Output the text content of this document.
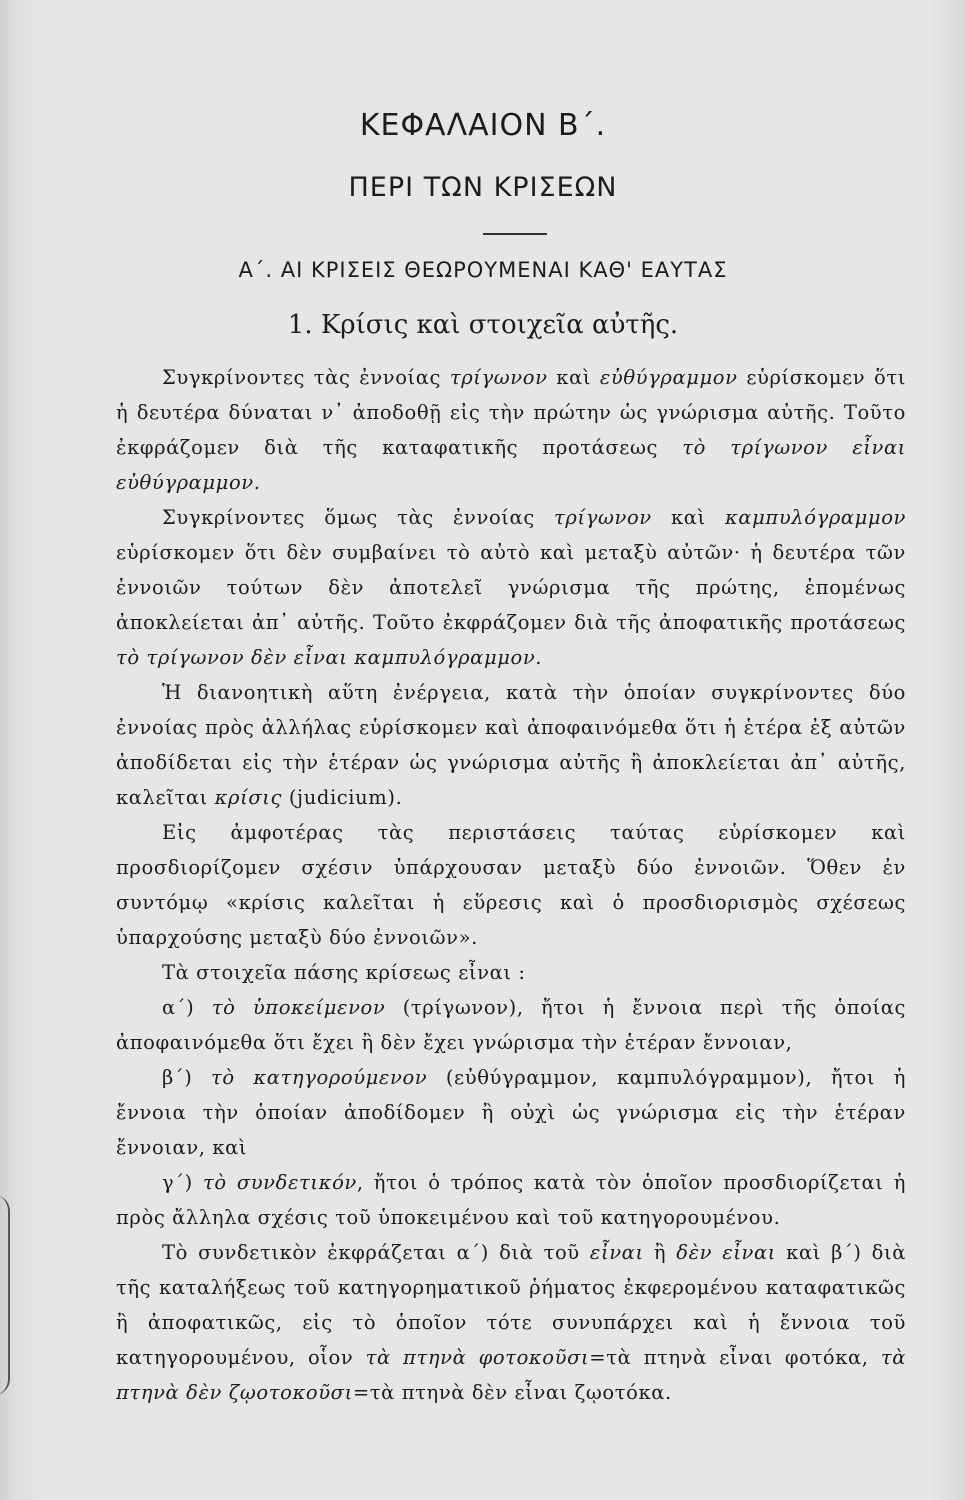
ΚΕΦΑΛΑΙΟΝ Β΄.
ΠΕΡΙ ΤΩΝ ΚΡΙΣΕΩΝ
Α΄. ΑΙ ΚΡΙΣΕΙΣ ΘΕΩΡΟΥΜΕΝΑΙ ΚΑΘ' ΕΑΥΤΑΣ
1. Κρίσις καὶ στοιχεῖα αὐτῆς.

Συγκρίνοντες τὰς ἐννοίας τρίγωνον καὶ εὐθύγραμμον εὑρίσκομεν ὅτι ἡ δευτέρα δύναται ν᾽ ἀποδοθῇ εἰς τὴν πρώτην ὡς γνώρισμα αὐτῆς. Τοῦτο ἐκφράζομεν διὰ τῆς καταφατικῆς προτάσεως τὸ τρίγωνον εἶναι εὐθύγραμμον.

Συγκρίνοντες ὅμως τὰς ἐννοίας τρίγωνον καὶ καμπυλόγραμμον εὑρίσκομεν ὅτι δὲν συμβαίνει τὸ αὐτὸ καὶ μεταξὺ αὐτῶν· ἡ δευτέρα τῶν ἐννοιῶν τούτων δὲν ἀποτελεῖ γνώρισμα τῆς πρώτης, ἑπομένως ἀποκλείεται ἀπ᾽ αὐτῆς. Τοῦτο ἐκφράζομεν διὰ τῆς ἀποφατικῆς προτάσεως τὸ τρίγωνον δὲν εἶναι καμπυλόγραμμον.

Ἡ διανοητικὴ αὕτη ἐνέργεια, κατὰ τὴν ὁποίαν συγκρίνοντες δύο ἐννοίας πρὸς ἀλλήλας εὑρίσκομεν καὶ ἀποφαινόμεθα ὅτι ἡ ἑτέρα ἐξ αὐτῶν ἀποδίδεται εἰς τὴν ἑτέραν ὡς γνώρισμα αὐτῆς ἢ ἀποκλείεται ἀπ᾽ αὐτῆς, καλεῖται κρίσις (judicium).

Εἰς ἀμφοτέρας τὰς περιστάσεις ταύτας εὑρίσκομεν καὶ προσδιορίζομεν σχέσιν ὑπάρχουσαν μεταξὺ δύο ἐννοιῶν. Ὅθεν ἐν συντόμῳ «κρίσις καλεῖται ἡ εὕρεσις καὶ ὁ προσδιορισμὸς σχέσεως ὑπαρχούσης μεταξὺ δύο ἐννοιῶν».

Τὰ στοιχεῖα πάσης κρίσεως εἶναι :

α΄) τὸ ὑποκείμενον (τρίγωνον), ἤτοι ἡ ἔννοια περὶ τῆς ὁποίας ἀποφαινόμεθα ὅτι ἔχει ἢ δὲν ἔχει γνώρισμα τὴν ἑτέραν ἔννοιαν,

β΄) τὸ κατηγορούμενον (εὐθύγραμμον, καμπυλόγραμμον), ἤτοι ἡ ἔννοια τὴν ὁποίαν ἀποδίδομεν ἢ οὐχὶ ὡς γνώρισμα εἰς τὴν ἑτέραν ἔννοιαν, καὶ

γ΄) τὸ συνδετικόν, ἤτοι ὁ τρόπος κατὰ τὸν ὁποῖον προσδιορίζεται ἡ πρὸς ἄλληλα σχέσις τοῦ ὑποκειμένου καὶ τοῦ κατηγορουμένου.

Τὸ συνδετικὸν ἐκφράζεται α΄) διὰ τοῦ εἶναι ἢ δὲν εἶναι καὶ β΄) διὰ τῆς καταλήξεως τοῦ κατηγορηματικοῦ ῥήματος ἐκφερομένου καταφατικῶς ἢ ἀποφατικῶς, εἰς τὸ ὁποῖον τότε συνυπάρχει καὶ ἡ ἔννοια τοῦ κατηγορουμένου, οἷον τὰ πτηνὰ φοτοκοῦσι=τὰ πτηνὰ εἶναι φοτόκα, τὰ πτηνὰ δὲν ζῳοτοκοῦσι=τὰ πτηνὰ δὲν εἶναι ζῳοτόκα.
